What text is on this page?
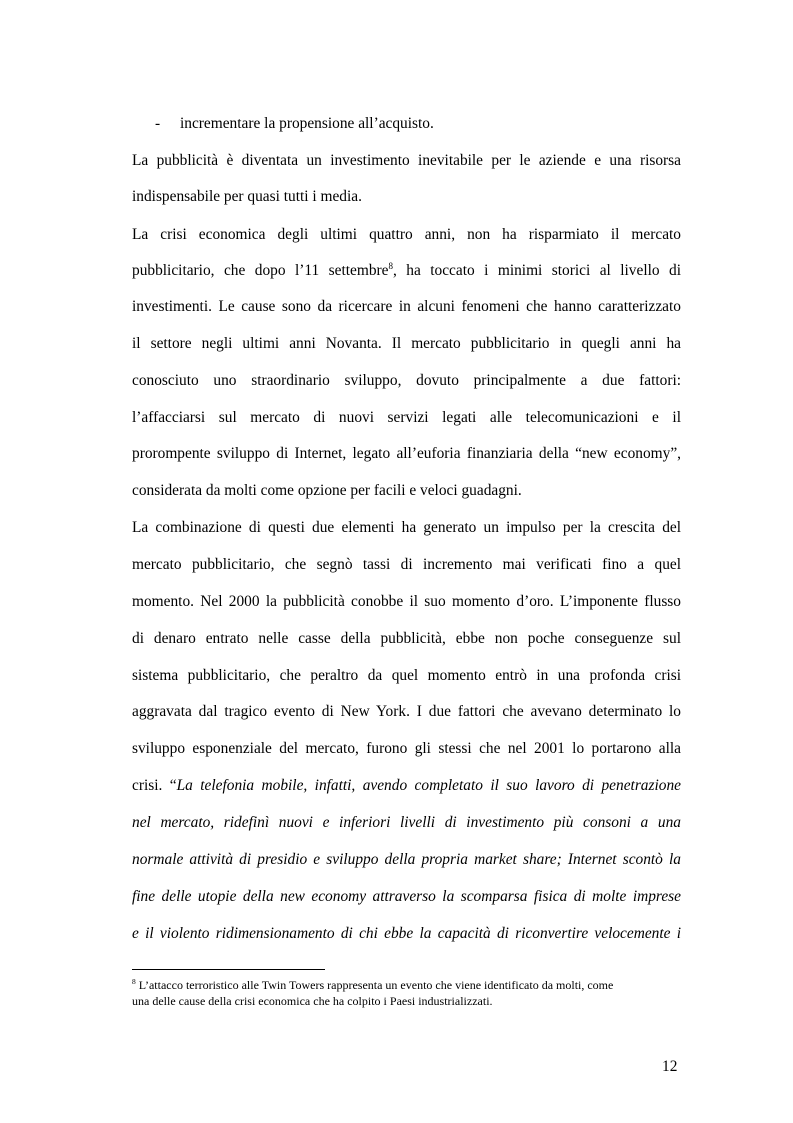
- incrementare la propensione all’acquisto.
La pubblicità è diventata un investimento inevitabile per le aziende e una risorsa
indispensabile per quasi tutti i media.
La crisi economica degli ultimi quattro anni, non ha risparmiato il mercato
pubblicitario, che dopo l’11 settembre$^8$, ha toccato i minimi storici al livello di
investimenti. Le cause sono da ricercare in alcuni fenomeni che hanno caratterizzato
il settore negli ultimi anni Novanta. Il mercato pubblicitario in quegli anni ha
conosciuto uno straordinario sviluppo, dovuto principalmente a due fattori:
l’affacciarsi sul mercato di nuovi servizi legati alle telecomunicazioni e il
prorompente sviluppo di Internet, legato all’euforia finanziaria della “new economy”,
considerata da molti come opzione per facili e veloci guadagni.
La combinazione di questi due elementi ha generato un impulso per la crescita del
mercato pubblicitario, che segnò tassi di incremento mai verificati fino a quel
momento. Nel 2000 la pubblicità conobbe il suo momento d’oro. L’imponente flusso
di denaro entrato nelle casse della pubblicità, ebbe non poche conseguenze sul
sistema pubblicitario, che peraltro da quel momento entrò in una profonda crisi
aggravata dal tragico evento di New York. I due fattori che avevano determinato lo
sviluppo esponenziale del mercato, furono gli stessi che nel 2001 lo portarono alla
crisi. “La telefonia mobile, infatti, avendo completato il suo lavoro di penetrazione
nel mercato, ridefinì nuovi e inferiori livelli di investimento più consoni a una
normale attività di presidio e sviluppo della propria market share; Internet scontò la
fine delle utopie della new economy attraverso la scomparsa fisica di molte imprese
e il violento ridimensionamento di chi ebbe la capacità di riconvertire velocemente i
$^8$ L’attacco terroristico alle Twin Towers rappresenta un evento che viene identificato da molti, come
una delle cause della crisi economica che ha colpito i Paesi industrializzati.
12
